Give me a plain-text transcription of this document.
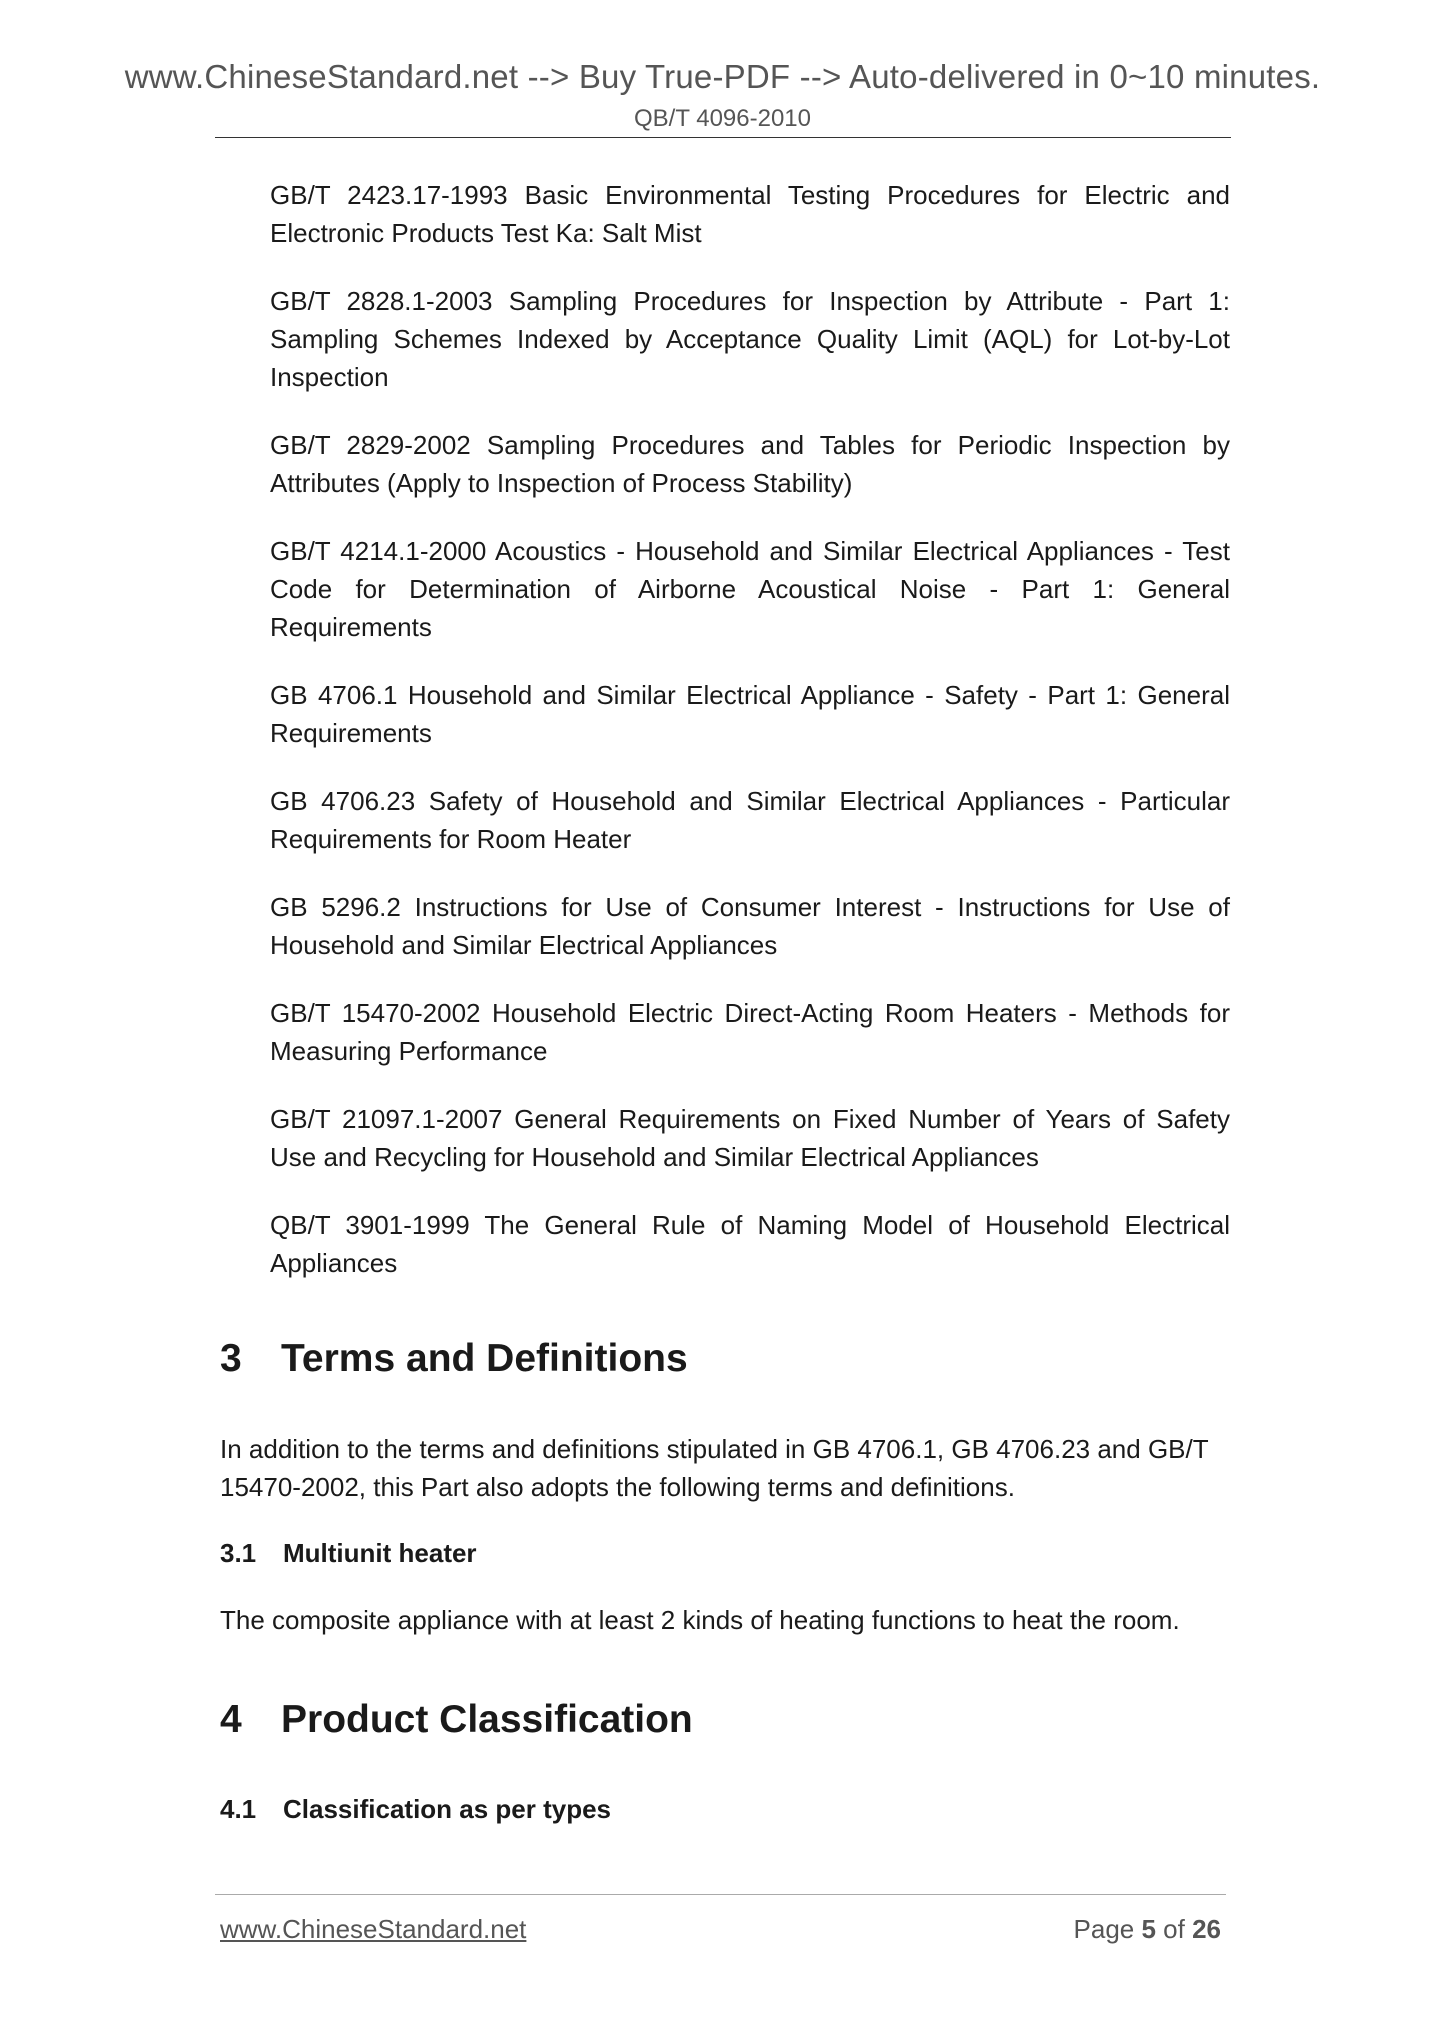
www.ChineseStandard.net --> Buy True-PDF --> Auto-delivered in 0~10 minutes.
QB/T 4096-2010

GB/T 2423.17-1993 Basic Environmental Testing Procedures for Electric and Electronic Products Test Ka: Salt Mist

GB/T 2828.1-2003 Sampling Procedures for Inspection by Attribute - Part 1: Sampling Schemes Indexed by Acceptance Quality Limit (AQL) for Lot-by-Lot Inspection

GB/T 2829-2002 Sampling Procedures and Tables for Periodic Inspection by Attributes (Apply to Inspection of Process Stability)

GB/T 4214.1-2000 Acoustics - Household and Similar Electrical Appliances - Test Code for Determination of Airborne Acoustical Noise - Part 1: General Requirements

GB 4706.1 Household and Similar Electrical Appliance - Safety - Part 1: General Requirements

GB 4706.23 Safety of Household and Similar Electrical Appliances - Particular Requirements for Room Heater

GB 5296.2 Instructions for Use of Consumer Interest - Instructions for Use of Household and Similar Electrical Appliances

GB/T 15470-2002 Household Electric Direct-Acting Room Heaters - Methods for Measuring Performance

GB/T 21097.1-2007 General Requirements on Fixed Number of Years of Safety Use and Recycling for Household and Similar Electrical Appliances

QB/T 3901-1999 The General Rule of Naming Model of Household Electrical Appliances

3 Terms and Definitions

In addition to the terms and definitions stipulated in GB 4706.1, GB 4706.23 and GB/T 15470-2002, this Part also adopts the following terms and definitions.

3.1 Multiunit heater

The composite appliance with at least 2 kinds of heating functions to heat the room.

4 Product Classification
4.1 Classification as per types
www.ChineseStandard.net	Page 5 of 26
